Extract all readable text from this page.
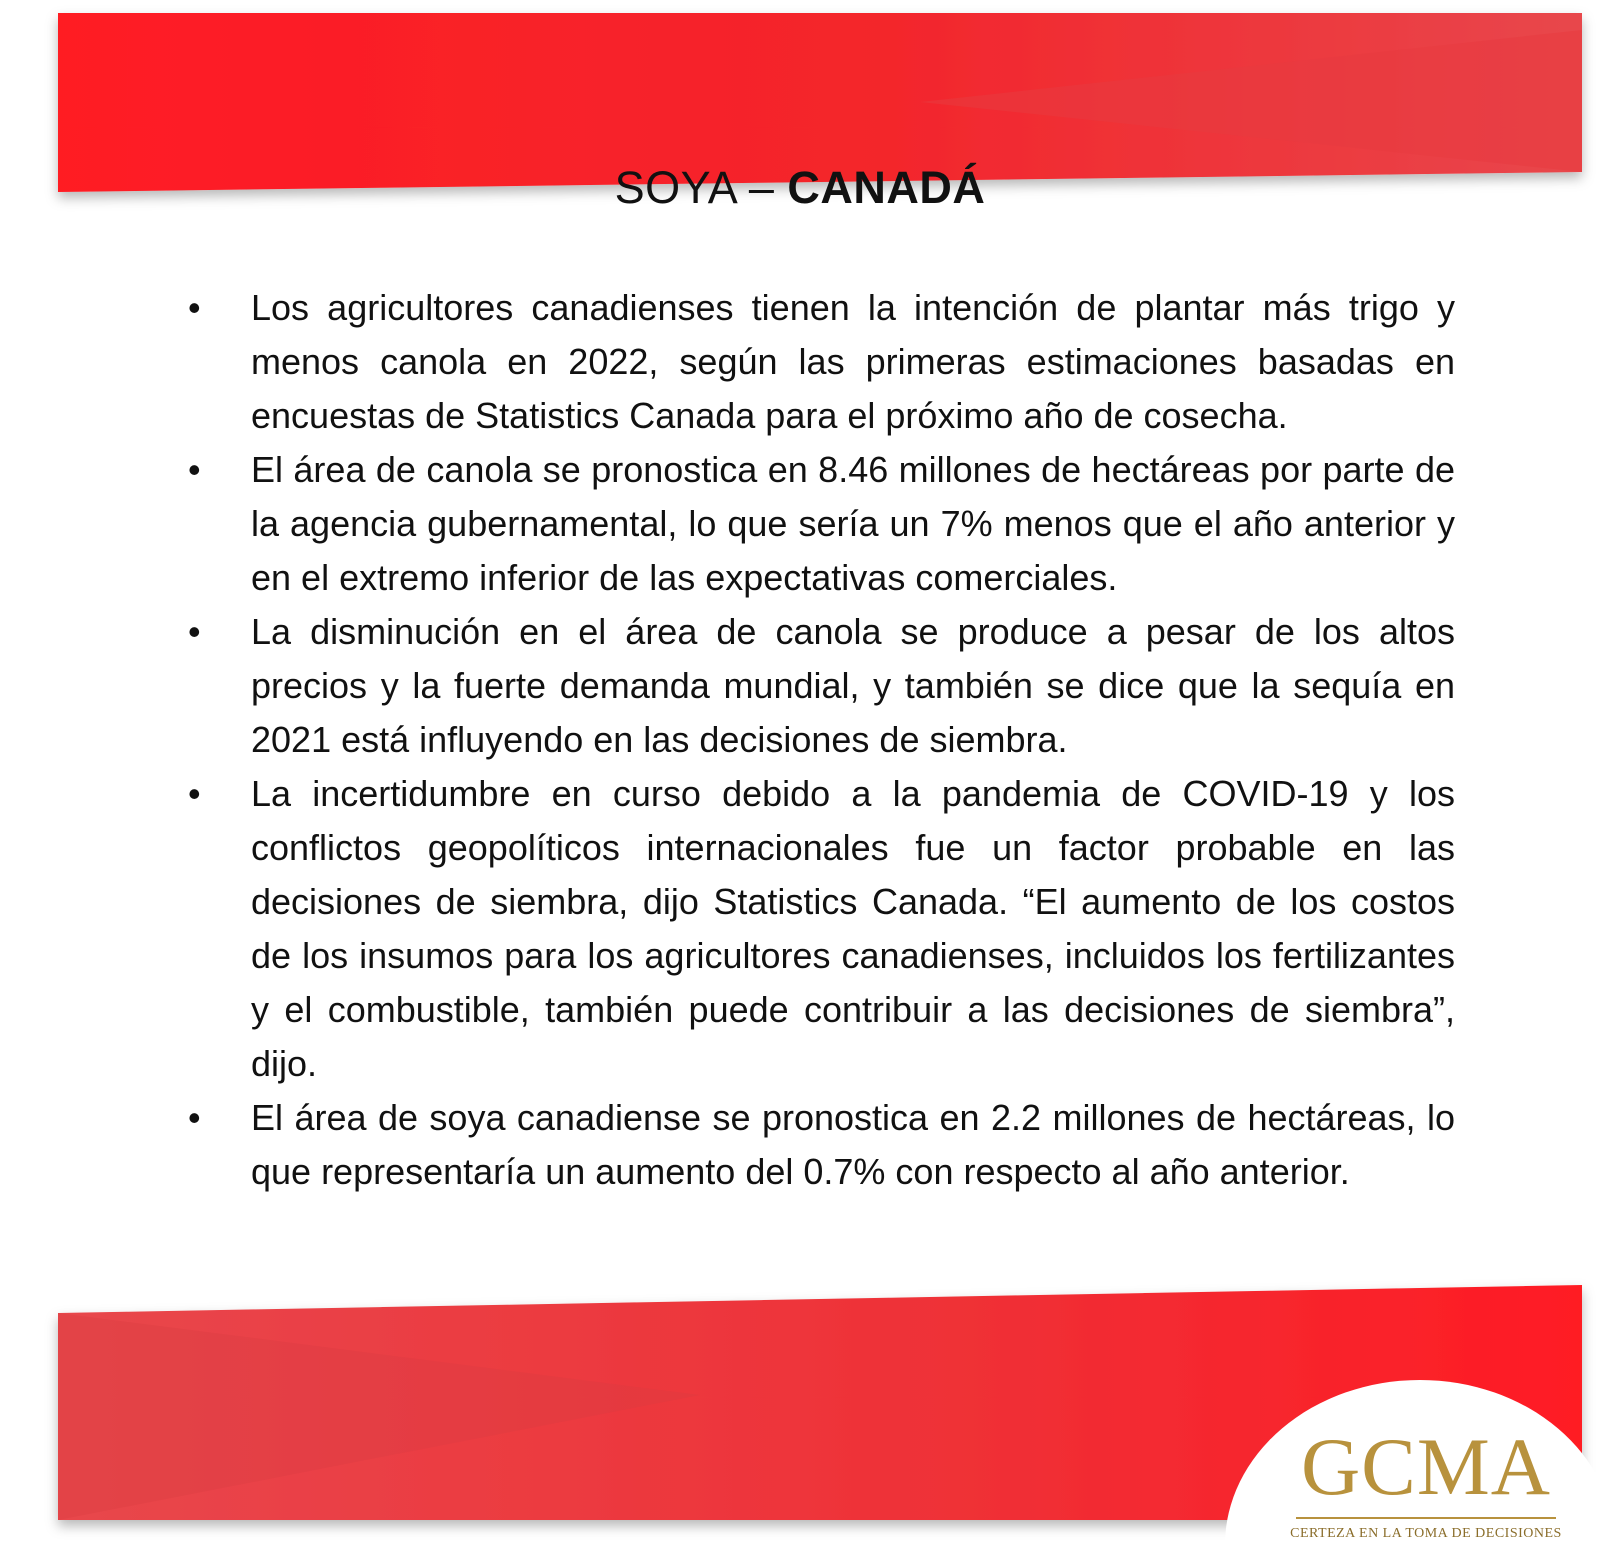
SOYA – CANADÁ
• Los agricultores canadienses tienen la intención de plantar más trigo y menos canola en 2022, según las primeras estimaciones basadas en encuestas de Statistics Canada para el próximo año de cosecha.
• El área de canola se pronostica en 8.46 millones de hectáreas por parte de la agencia gubernamental, lo que sería un 7% menos que el año anterior y en el extremo inferior de las expectativas comerciales.
• La disminución en el área de canola se produce a pesar de los altos precios y la fuerte demanda mundial, y también se dice que la sequía en 2021 está influyendo en las decisiones de siembra.
• La incertidumbre en curso debido a la pandemia de COVID-19 y los conflictos geopolíticos internacionales fue un factor probable en las decisiones de siembra, dijo Statistics Canada. “El aumento de los costos de los insumos para los agricultores canadienses, incluidos los fertilizantes y el combustible, también puede contribuir a las decisiones de siembra”, dijo.
• El área de soya canadiense se pronostica en 2.2 millones de hectáreas, lo que representaría un aumento del 0.7% con respecto al año anterior.
GCMA
CERTEZA EN LA TOMA DE DECISIONES
